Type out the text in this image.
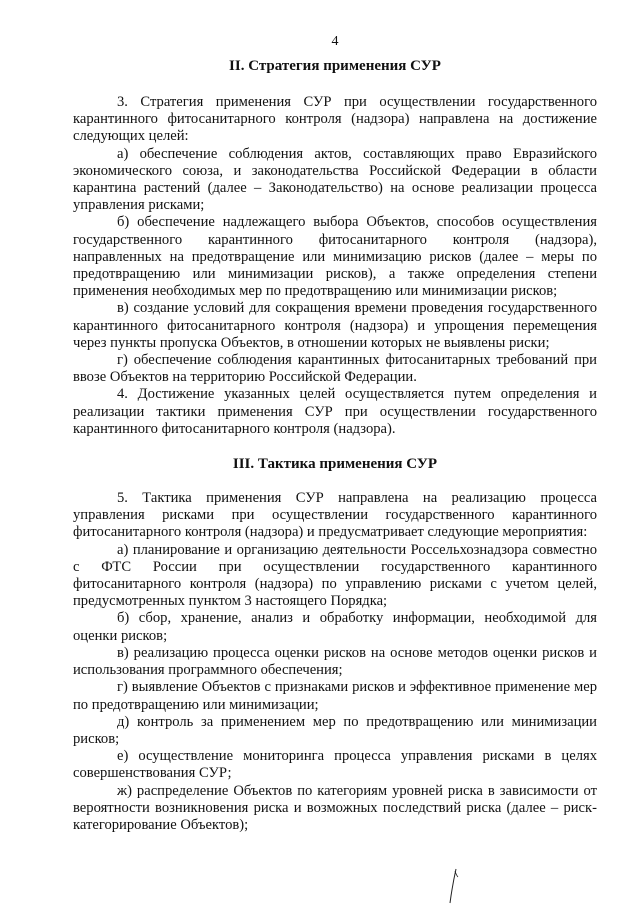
4
II. Стратегия применения СУР

3. Стратегия применения СУР при осуществлении государственного карантинного фитосанитарного контроля (надзора) направлена на достижение следующих целей:

а) обеспечение соблюдения актов, составляющих право Евразийского экономического союза, и законодательства Российской Федерации в области карантина растений (далее – Законодательство) на основе реализации процесса управления рисками;

б) обеспечение надлежащего выбора Объектов, способов осуществления государственного карантинного фитосанитарного контроля (надзора), направленных на предотвращение или минимизацию рисков (далее – меры по предотвращению или минимизации рисков), а также определения степени применения необходимых мер по предотвращению или минимизации рисков;

в) создание условий для сокращения времени проведения государственного карантинного фитосанитарного контроля (надзора) и упрощения перемещения через пункты пропуска Объектов, в отношении которых не выявлены риски;

г) обеспечение соблюдения карантинных фитосанитарных требований при ввозе Объектов на территорию Российской Федерации.

4. Достижение указанных целей осуществляется путем определения и реализации тактики применения СУР при осуществлении государственного карантинного фитосанитарного контроля (надзора).

III. Тактика применения СУР

5. Тактика применения СУР направлена на реализацию процесса управления рисками при осуществлении государственного карантинного фитосанитарного контроля (надзора) и предусматривает следующие мероприятия:

а) планирование и организацию деятельности Россельхознадзора совместно с ФТС России при осуществлении государственного карантинного фитосанитарного контроля (надзора) по управлению рисками с учетом целей, предусмотренных пунктом 3 настоящего Порядка;

б) сбор, хранение, анализ и обработку информации, необходимой для оценки рисков;

в) реализацию процесса оценки рисков на основе методов оценки рисков и использования программного обеспечения;

г) выявление Объектов с признаками рисков и эффективное применение мер по предотвращению или минимизации;

д) контроль за применением мер по предотвращению или минимизации рисков;

е) осуществление мониторинга процесса управления рисками в целях совершенствования СУР;

ж) распределение Объектов по категориям уровней риска в зависимости от вероятности возникновения риска и возможных последствий риска (далее – риск-категорирование Объектов);
